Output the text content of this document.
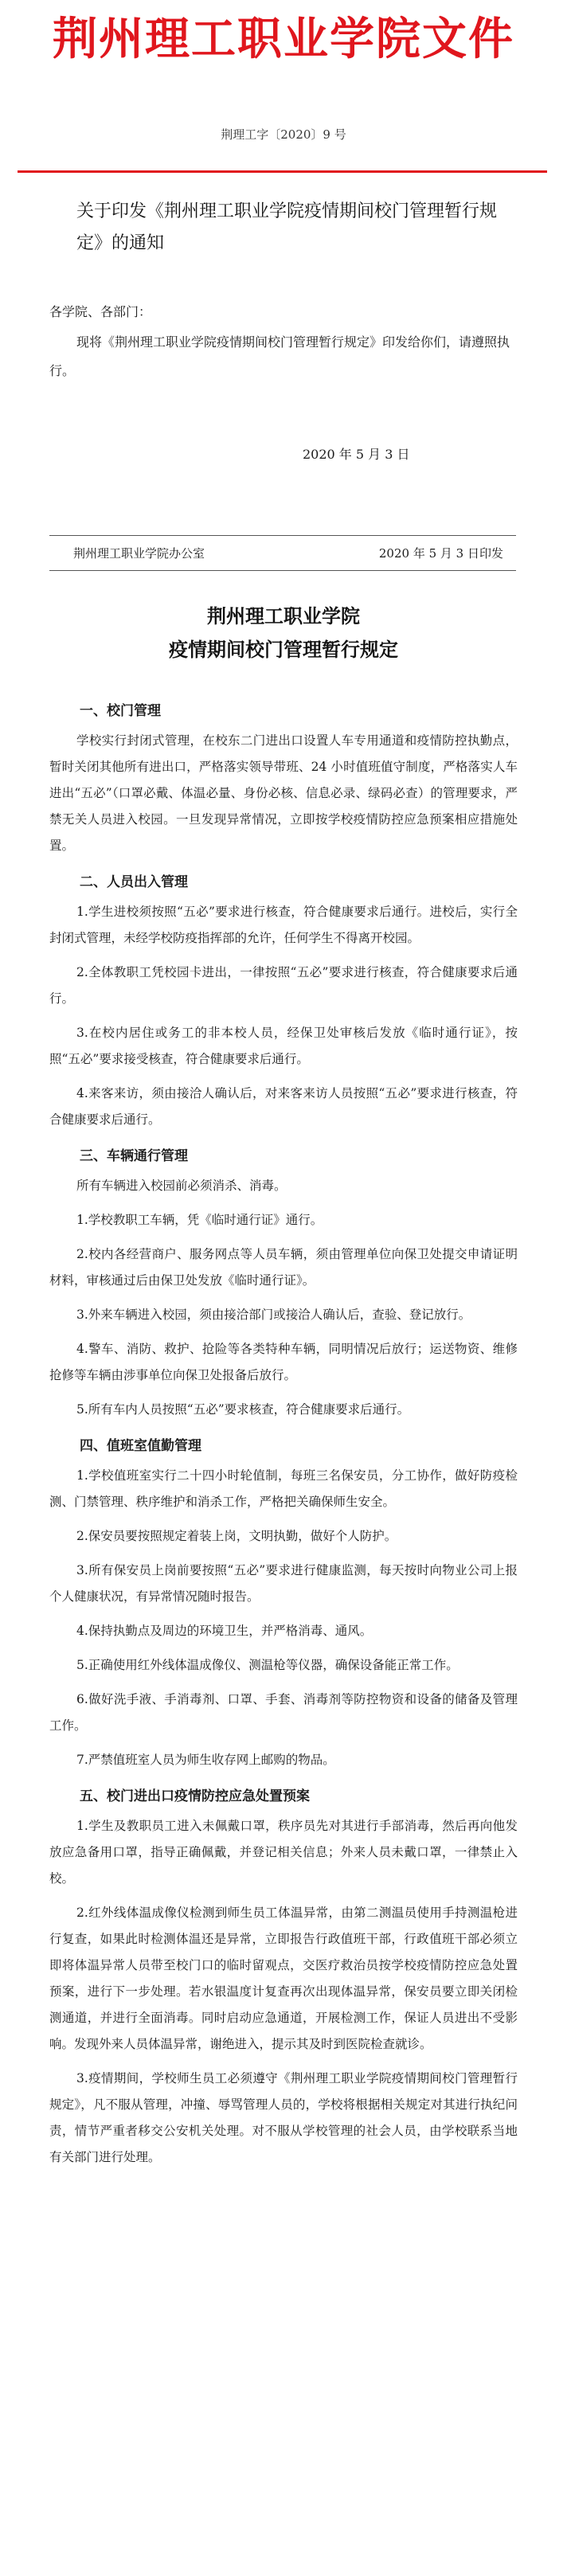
荆州理工职业学院文件
荆理工字〔2020〕9 号
关于印发《荆州理工职业学院疫情期间校门管理暂行规定》的通知
各学院、各部门：
现将《荆州理工职业学院疫情期间校门管理暂行规定》印发给你们，请遵照执行。
2020 年 5 月 3 日
荆州理工职业学院办公室	2020 年 5 月 3 日印发
荆州理工职业学院
疫情期间校门管理暂行规定
一、校门管理

学校实行封闭式管理，在校东二门进出口设置人车专用通道和疫情防控执勤点，暂时关闭其他所有进出口，严格落实领导带班、24 小时值班值守制度，严格落实人车进出“五必”（口罩必戴、体温必量、身份必核、信息必录、绿码必查）的管理要求，严禁无关人员进入校园。一旦发现异常情况，立即按学校疫情防控应急预案相应措施处置。

二、人员出入管理

1.学生进校须按照“五必”要求进行核查，符合健康要求后通行。进校后，实行全封闭式管理，未经学校防疫指挥部的允许，任何学生不得离开校园。

2.全体教职工凭校园卡进出，一律按照“五必”要求进行核查，符合健康要求后通行。

3.在校内居住或务工的非本校人员，经保卫处审核后发放《临时通行证》，按照“五必”要求接受核查，符合健康要求后通行。

4.来客来访，须由接洽人确认后，对来客来访人员按照“五必”要求进行核查，符合健康要求后通行。

三、车辆通行管理

所有车辆进入校园前必须消杀、消毒。

1.学校教职工车辆，凭《临时通行证》通行。

2.校内各经营商户、服务网点等人员车辆，须由管理单位向保卫处提交申请证明材料，审核通过后由保卫处发放《临时通行证》。

3.外来车辆进入校园，须由接洽部门或接洽人确认后，查验、登记放行。

4.警车、消防、救护、抢险等各类特种车辆，同明情况后放行；运送物资、维修抢修等车辆由涉事单位向保卫处报备后放行。

5.所有车内人员按照“五必”要求核查，符合健康要求后通行。

四、值班室值勤管理

1.学校值班室实行二十四小时轮值制，每班三名保安员，分工协作，做好防疫检测、门禁管理、秩序维护和消杀工作，严格把关确保师生安全。

2.保安员要按照规定着装上岗，文明执勤，做好个人防护。

3.所有保安员上岗前要按照“五必”要求进行健康监测，每天按时向物业公司上报个人健康状况，有异常情况随时报告。

4.保持执勤点及周边的环境卫生，并严格消毒、通风。

5.正确使用红外线体温成像仪、测温枪等仪器，确保设备能正常工作。

6.做好洗手液、手消毒剂、口罩、手套、消毒剂等防控物资和设备的储备及管理工作。

7.严禁值班室人员为师生收存网上邮购的物品。

五、校门进出口疫情防控应急处置预案

1.学生及教职员工进入未佩戴口罩，秩序员先对其进行手部消毒，然后再向他发放应急备用口罩，指导正确佩戴，并登记相关信息；外来人员未戴口罩，一律禁止入校。

2.红外线体温成像仪检测到师生员工体温异常，由第二测温员使用手持测温枪进行复查，如果此时检测体温还是异常，立即报告行政值班干部，行政值班干部必须立即将体温异常人员带至校门口的临时留观点，交医疗救治员按学校疫情防控应急处置预案，进行下一步处理。若水银温度计复查再次出现体温异常，保安员要立即关闭检测通道，并进行全面消毒。同时启动应急通道，开展检测工作，保证人员进出不受影响。发现外来人员体温异常，谢绝进入，提示其及时到医院检查就诊。

3.疫情期间，学校师生员工必须遵守《荆州理工职业学院疫情期间校门管理暂行规定》，凡不服从管理，冲撞、辱骂管理人员的，学校将根据相关规定对其进行执纪问责，情节严重者移交公安机关处理。对不服从学校管理的社会人员，由学校联系当地有关部门进行处理。
